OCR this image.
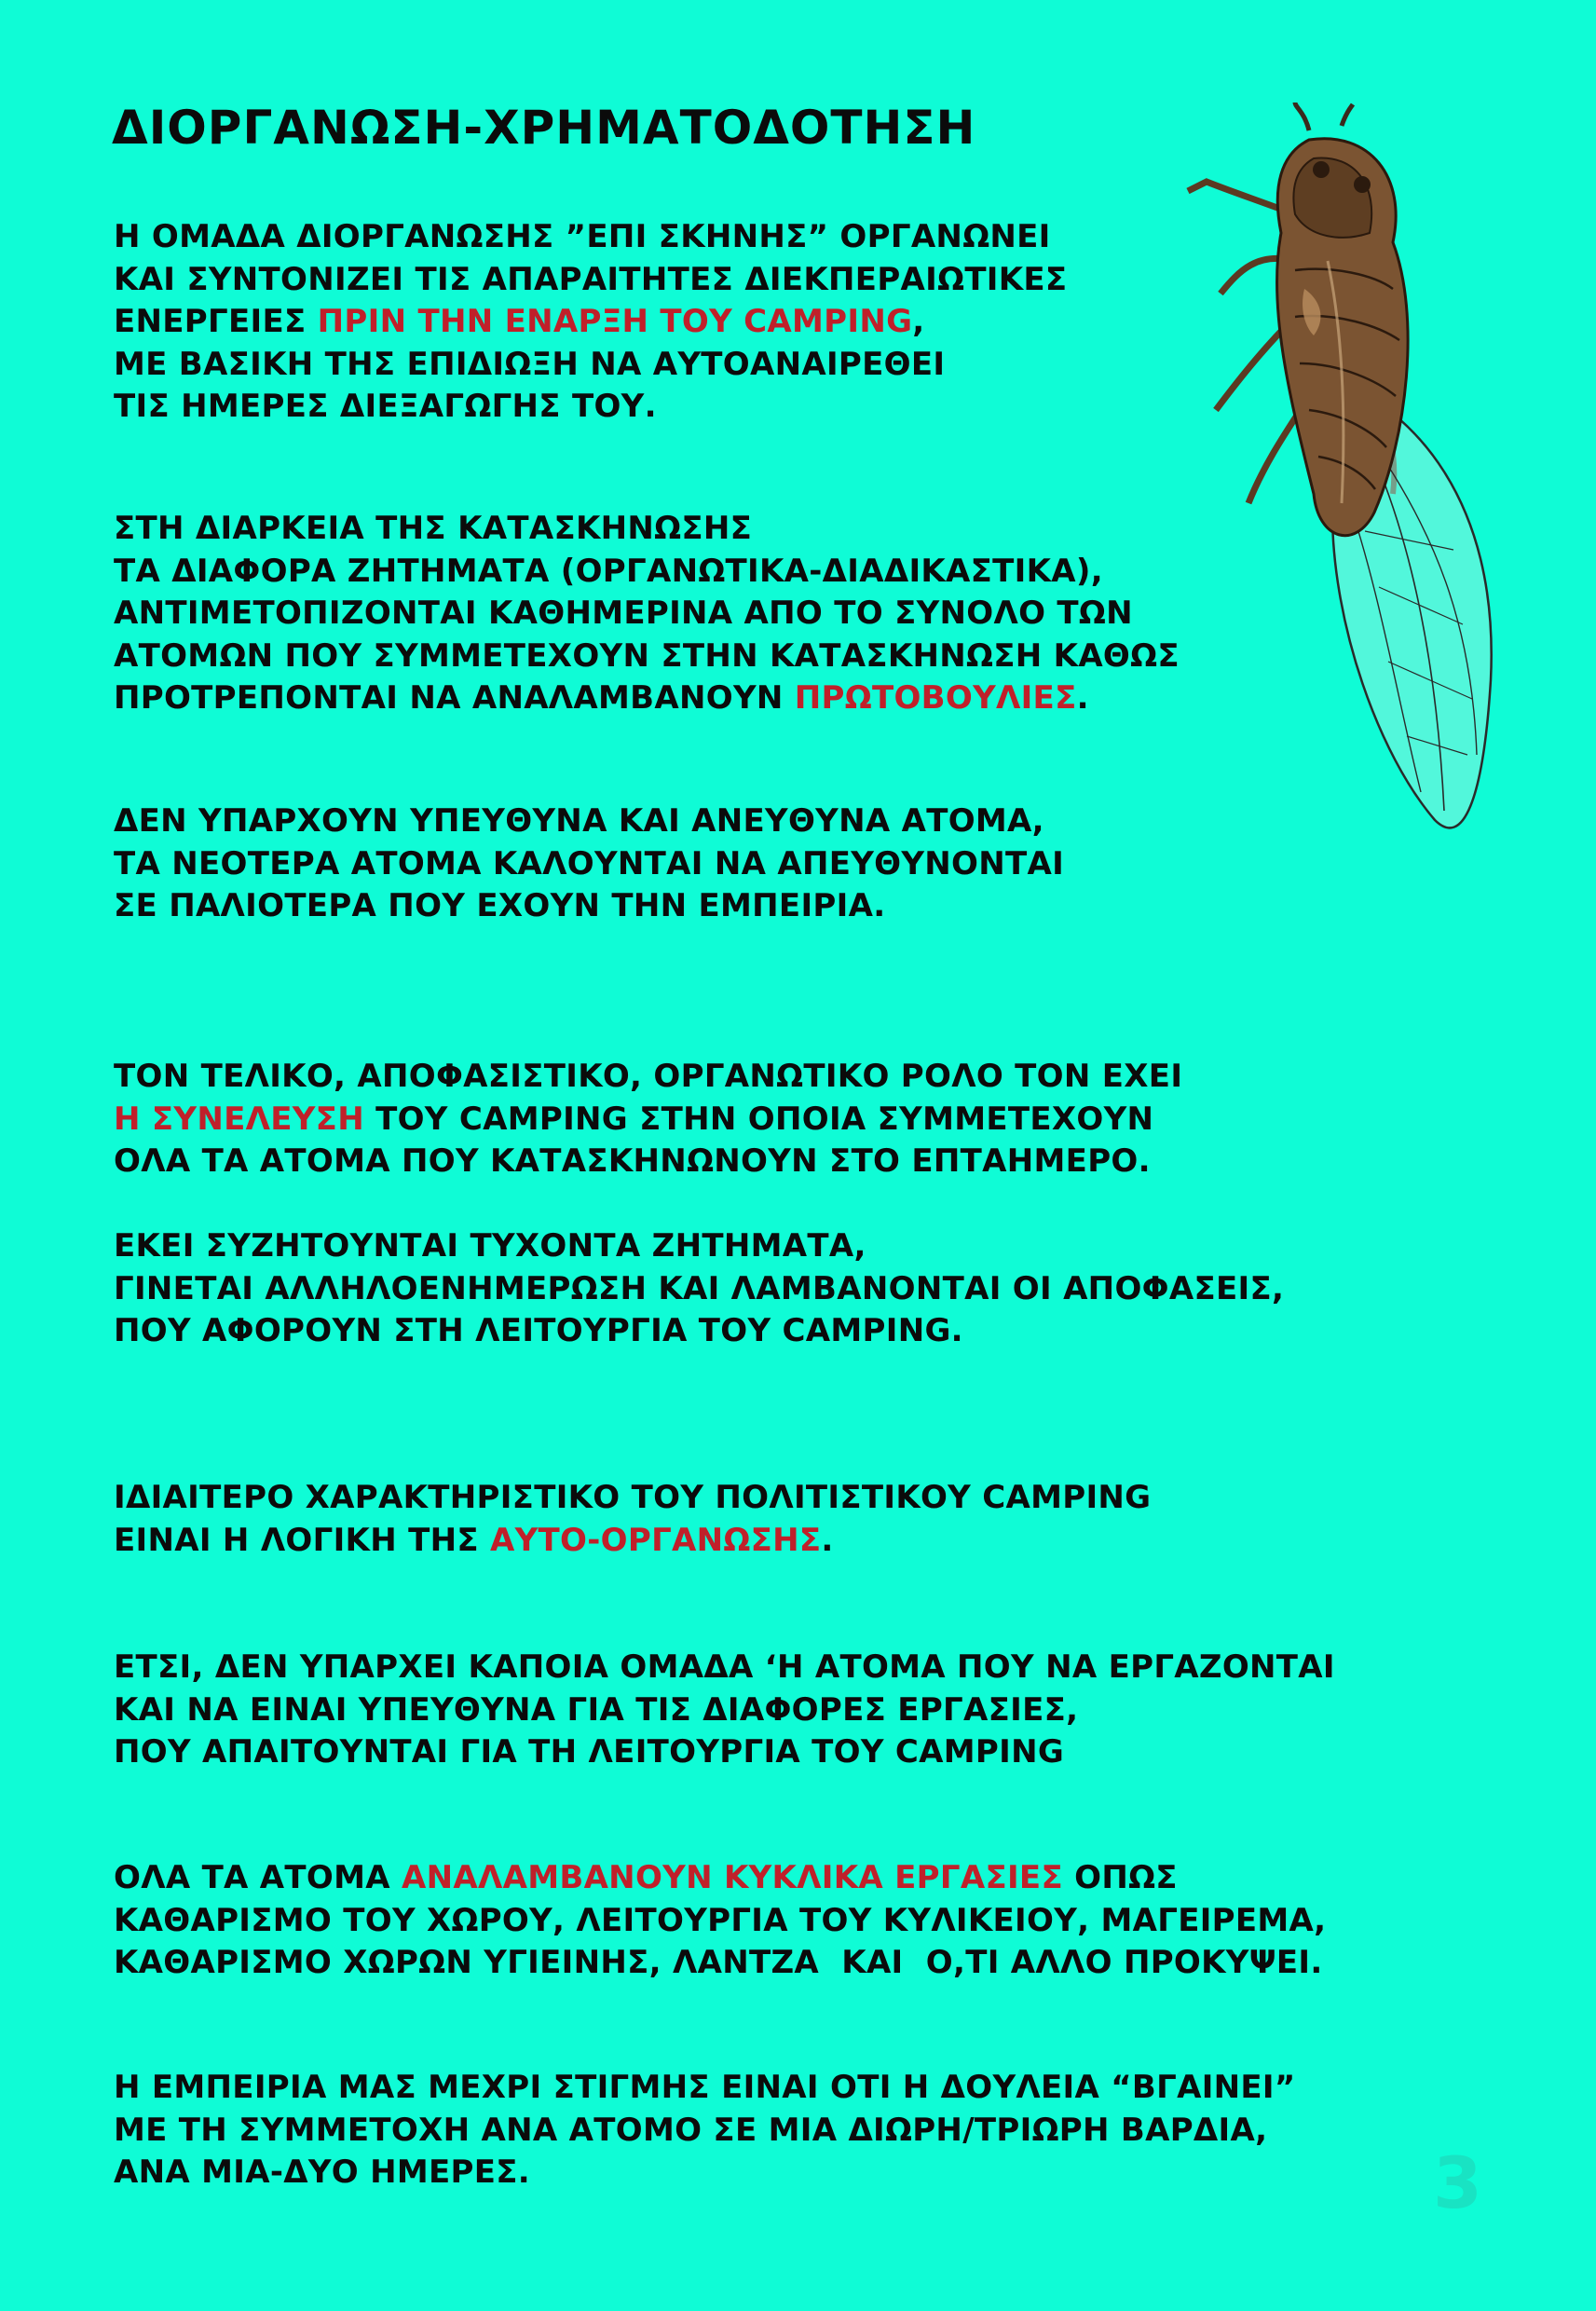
ΔΙΟΡΓΑΝΩΣΗ-ΧΡΗΜΑΤΟΔΟΤΗΣΗ

Η ΟΜΑΔΑ ΔΙΟΡΓΑΝΩΣΗΣ ”ΕΠΙ ΣΚΗΝΗΣ” ΟΡΓΑΝΩΝΕΙ
ΚΑΙ ΣΥΝΤΟΝΙΖΕΙ ΤΙΣ ΑΠΑΡΑΙΤΗΤΕΣ ΔΙΕΚΠΕΡΑΙΩΤΙΚΕΣ
ΕΝΕΡΓΕΙΕΣ ΠΡΙΝ ΤΗΝ ΕΝΑΡΞΗ ΤΟΥ CAMPING,
ΜΕ ΒΑΣΙΚΗ ΤΗΣ ΕΠΙΔΙΩΞΗ ΝΑ ΑΥΤΟΑΝΑΙΡΕΘΕΙ
ΤΙΣ ΗΜΕΡΕΣ ΔΙΕΞΑΓΩΓΗΣ ΤΟΥ.

ΣΤΗ ΔΙΑΡΚΕΙΑ ΤΗΣ ΚΑΤΑΣΚΗΝΩΣΗΣ
ΤΑ ΔΙΑΦΟΡΑ ΖΗΤΗΜΑΤΑ (ΟΡΓΑΝΩΤΙΚΑ-ΔΙΑΔΙΚΑΣΤΙΚΑ),
ΑΝΤΙΜΕΤΟΠΙΖΟΝΤΑΙ ΚΑΘΗΜΕΡΙΝΑ ΑΠΟ ΤΟ ΣΥΝΟΛΟ ΤΩΝ
ΑΤΟΜΩΝ ΠΟΥ ΣΥΜΜΕΤΕΧΟΥΝ ΣΤΗΝ ΚΑΤΑΣΚΗΝΩΣΗ ΚΑΘΩΣ
ΠΡΟΤΡΕΠΟΝΤΑΙ ΝΑ ΑΝΑΛΑΜΒΑΝΟΥΝ ΠΡΩΤΟΒΟΥΛΙΕΣ.

ΔΕΝ ΥΠΑΡΧΟΥΝ ΥΠΕΥΘΥΝΑ ΚΑΙ ΑΝΕΥΘΥΝΑ ΑΤΟΜΑ,
ΤΑ ΝΕΟΤΕΡΑ ΑΤΟΜΑ ΚΑΛΟΥΝΤΑΙ ΝΑ ΑΠΕΥΘΥΝΟΝΤΑΙ
ΣΕ ΠΑΛΙΟΤΕΡΑ ΠΟΥ ΕΧΟΥΝ ΤΗΝ ΕΜΠΕΙΡΙΑ.

ΤΟΝ ΤΕΛΙΚΟ, ΑΠΟΦΑΣΙΣΤΙΚΟ, ΟΡΓΑΝΩΤΙΚΟ ΡΟΛΟ ΤΟΝ ΕΧΕΙ
Η ΣΥΝΕΛΕΥΣΗ ΤΟΥ CAMPING ΣΤΗΝ ΟΠΟΙΑ ΣΥΜΜΕΤΕΧΟΥΝ
ΟΛΑ ΤΑ ΑΤΟΜΑ ΠΟΥ ΚΑΤΑΣΚΗΝΩΝΟΥΝ ΣΤΟ ΕΠΤΑΗΜΕΡΟ.

ΕΚΕΙ ΣΥΖΗΤΟΥΝΤΑΙ ΤΥΧΟΝΤΑ ΖΗΤΗΜΑΤΑ,
ΓΙΝΕΤΑΙ ΑΛΛΗΛΟΕΝΗΜΕΡΩΣΗ ΚΑΙ ΛΑΜΒΑΝΟΝΤΑΙ ΟΙ ΑΠΟΦΑΣΕΙΣ,
ΠΟΥ ΑΦΟΡΟΥΝ ΣΤΗ ΛΕΙΤΟΥΡΓΙΑ ΤΟΥ CAMPING.

ΙΔΙΑΙΤΕΡΟ ΧΑΡΑΚΤΗΡΙΣΤΙΚΟ ΤΟΥ ΠΟΛΙΤΙΣΤΙΚΟΥ CAMPING
ΕΙΝΑΙ Η ΛΟΓΙΚΗ ΤΗΣ ΑΥΤΟ-ΟΡΓΑΝΩΣΗΣ.

ΕΤΣΙ, ΔΕΝ ΥΠΑΡΧΕΙ ΚΑΠΟΙΑ ΟΜΑΔΑ ‘Η ΑΤΟΜΑ ΠΟΥ ΝΑ ΕΡΓΑΖΟΝΤΑΙ
ΚΑΙ ΝΑ ΕΙΝΑΙ ΥΠΕΥΘΥΝΑ ΓΙΑ ΤΙΣ ΔΙΑΦΟΡΕΣ ΕΡΓΑΣΙΕΣ,
ΠΟΥ ΑΠΑΙΤΟΥΝΤΑΙ ΓΙΑ ΤΗ ΛΕΙΤΟΥΡΓΙΑ ΤΟΥ CAMPING

ΟΛΑ ΤΑ ΑΤΟΜΑ ΑΝΑΛΑΜΒΑΝΟΥΝ ΚΥΚΛΙΚΑ ΕΡΓΑΣΙΕΣ ΟΠΩΣ
ΚΑΘΑΡΙΣΜΟ ΤΟΥ ΧΩΡΟΥ, ΛΕΙΤΟΥΡΓΙΑ ΤΟΥ ΚΥΛΙΚΕΙΟΥ, ΜΑΓΕΙΡΕΜΑ,
ΚΑΘΑΡΙΣΜΟ ΧΩΡΩΝ ΥΓΙΕΙΝΗΣ, ΛΑΝΤΖΑ  ΚΑΙ  Ο,ΤΙ ΑΛΛΟ ΠΡΟΚΥΨΕΙ.

Η ΕΜΠΕΙΡΙΑ ΜΑΣ ΜΕΧΡΙ ΣΤΙΓΜΗΣ ΕΙΝΑΙ ΟΤΙ Η ΔΟΥΛΕΙΑ “ΒΓΑΙΝΕΙ”
ΜΕ ΤΗ ΣΥΜΜΕΤΟΧΗ ΑΝΑ ΑΤΟΜΟ ΣΕ ΜΙΑ ΔΙΩΡΗ/ΤΡΙΩΡΗ ΒΑΡΔΙΑ,
ΑΝΑ ΜΙΑ-ΔΥΟ ΗΜΕΡΕΣ.	3
